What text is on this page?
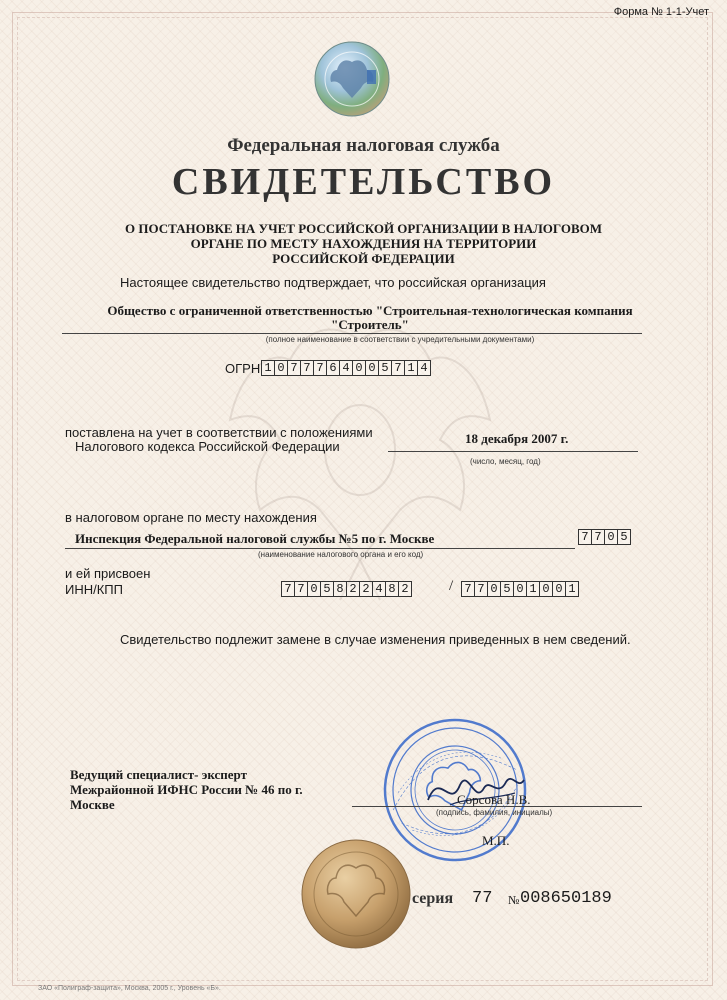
Форма № 1-1-Учет
Федеральная налоговая служба
СВИДЕТЕЛЬСТВО
О ПОСТАНОВКЕ НА УЧЕТ РОССИЙСКОЙ ОРГАНИЗАЦИИ В НАЛОГОВОМ
ОРГАНЕ ПО МЕСТУ НАХОЖДЕНИЯ НА ТЕРРИТОРИИ
РОССИЙСКОЙ ФЕДЕРАЦИИ
Настоящее свидетельство подтверждает, что российская организация
Общество с ограниченной ответственностью "Строительная-технологическая компания
"Строитель"
(полное наименование в соответствии с учредительными документами)
ОГРН 1 0 7 7 7 6 4 0 0 5 7 1 4
поставлена на учет в соответствии с положениями
Налогового кодекса Российской Федерации
18 декабря 2007 г.
(число, месяц, год)
в налоговом органе по месту нахождения
Инспекция Федеральной налоговой службы №5 по г. Москве	7 7 0 5
(наименование налогового органа и его код)
и ей присвоен
ИНН/КПП	7 7 0 5 8 2 2 4 8 2	/ 7 7 0 5 0 1 0 0 1
Свидетельство подлежит замене в случае изменения приведенных в нем сведений.
Ведущий специалист- эксперт
Межрайонной ИФНС России № 46 по г.
Москве	Сорсова Н.В.
(подпись, фамилия, инициалы)
М.П.
серия 77 № 008650189
ЗАО «Полиграф-защита», Москва, 2005 г., Уровень «Б».
